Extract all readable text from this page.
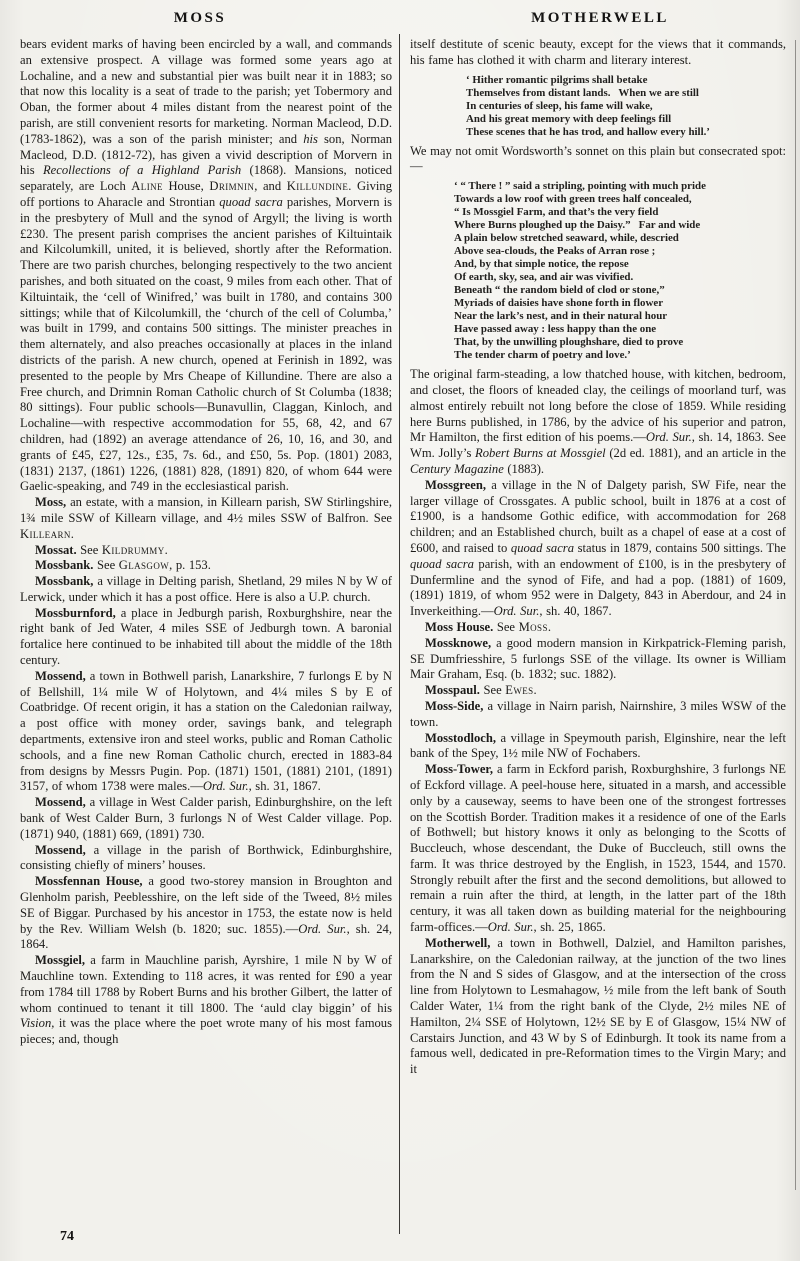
MOSS	MOTHERWELL

bears evident marks of having been encircled by a wall, and commands an extensive prospect. A village was formed some years ago at Lochaline, and a new and substantial pier was built near it in 1883; so that now this locality is a seat of trade to the parish; yet Tobermory and Oban, the former about 4 miles distant from the nearest point of the parish, are still convenient resorts for marketing. Norman Macleod, D.D. (1783-1862), was a son of the parish minister; and his son, Norman Macleod, D.D. (1812-72), has given a vivid description of Morvern in his Recollections of a Highland Parish (1868). Mansions, noticed separately, are Loch Aline House, Drimnin, and Killundine. Giving off portions to Aharacle and Strontian quoad sacra parishes, Morvern is in the presbytery of Mull and the synod of Argyll; the living is worth £230. The present parish comprises the ancient parishes of Kiltuintaik and Kilcolumkill, united, it is believed, shortly after the Reformation. There are two parish churches, belonging respectively to the two ancient parishes, and both situated on the coast, 9 miles from each other. That of Kiltuintaik, the ‘cell of Winifred,’ was built in 1780, and contains 300 sittings; while that of Kilcolumkill, the ‘church of the cell of Columba,’ was built in 1799, and contains 500 sittings. The minister preaches in them alternately, and also preaches occasionally at places in the inland districts of the parish. A new church, opened at Ferinish in 1892, was presented to the people by Mrs Cheape of Killundine. There are also a Free church, and Drimnin Roman Catholic church of St Columba (1838; 80 sittings). Four public schools—Bunavullin, Claggan, Kinloch, and Lochaline—with respective accommodation for 55, 68, 42, and 67 children, had (1892) an average attendance of 26, 10, 16, and 30, and grants of £45, £27, 12s., £35, 7s. 6d., and £50, 5s. Pop. (1801) 2083, (1831) 2137, (1861) 1226, (1881) 828, (1891) 820, of whom 644 were Gaelic-speaking, and 749 in the ecclesiastical parish.

Moss, an estate, with a mansion, in Killearn parish, SW Stirlingshire, 1¾ mile SSW of Killearn village, and 4½ miles SSW of Balfron. See Killearn.

Mossat. See Kildrummy.

Mossbank. See Glasgow, p. 153.

Mossbank, a village in Delting parish, Shetland, 29 miles N by W of Lerwick, under which it has a post office. Here is also a U.P. church.

Mossburnford, a place in Jedburgh parish, Roxburghshire, near the right bank of Jed Water, 4 miles SSE of Jedburgh town. A baronial fortalice here continued to be inhabited till about the middle of the 18th century.

Mossend, a town in Bothwell parish, Lanarkshire, 7 furlongs E by N of Bellshill, 1¼ mile W of Holytown, and 4¼ miles S by E of Coatbridge. Of recent origin, it has a station on the Caledonian railway, a post office with money order, savings bank, and telegraph departments, extensive iron and steel works, public and Roman Catholic schools, and a fine new Roman Catholic church, erected in 1883-84 from designs by Messrs Pugin. Pop. (1871) 1501, (1881) 2101, (1891) 3157, of whom 1738 were males.—Ord. Sur., sh. 31, 1867.

Mossend, a village in West Calder parish, Edinburghshire, on the left bank of West Calder Burn, 3 furlongs N of West Calder village. Pop. (1871) 940, (1881) 669, (1891) 730.

Mossend, a village in the parish of Borthwick, Edinburghshire, consisting chiefly of miners’ houses.

Mossfennan House, a good two-storey mansion in Broughton and Glenholm parish, Peeblesshire, on the left side of the Tweed, 8½ miles SE of Biggar. Purchased by his ancestor in 1753, the estate now is held by the Rev. William Welsh (b. 1820; suc. 1855).—Ord. Sur., sh. 24, 1864.

Mossgiel, a farm in Mauchline parish, Ayrshire, 1 mile N by W of Mauchline town. Extending to 118 acres, it was rented for £90 a year from 1784 till 1788 by Robert Burns and his brother Gilbert, the latter of whom continued to tenant it till 1800. The ‘auld clay biggin’ of his Vision, it was the place where the poet wrote many of his most famous pieces; and, though

itself destitute of scenic beauty, except for the views that it commands, his fame has clothed it with charm and literary interest.

‘ Hither romantic pilgrims shall betake
Themselves from distant lands.   When we are still
In centuries of sleep, his fame will wake,
And his great memory with deep feelings fill
These scenes that he has trod, and hallow every hill.’

We may not omit Wordsworth’s sonnet on this plain but consecrated spot:—

‘ “ There ! ” said a stripling, pointing with much pride
Towards a low roof with green trees half concealed,
“ Is Mossgiel Farm, and that’s the very field
Where Burns ploughed up the Daisy.”   Far and wide
A plain below stretched seaward, while, descried
Above sea-clouds, the Peaks of Arran rose ;
And, by that simple notice, the repose
Of earth, sky, sea, and air was vivified.
Beneath “ the random bield of clod or stone,”
Myriads of daisies have shone forth in flower
Near the lark’s nest, and in their natural hour
Have passed away : less happy than the one
That, by the unwilling ploughshare, died to prove
The tender charm of poetry and love.’

The original farm-steading, a low thatched house, with kitchen, bedroom, and closet, the floors of kneaded clay, the ceilings of moorland turf, was almost entirely rebuilt not long before the close of 1859. While residing here Burns published, in 1786, by the advice of his superior and patron, Mr Hamilton, the first edition of his poems.—Ord. Sur., sh. 14, 1863. See Wm. Jolly’s Robert Burns at Mossgiel (2d ed. 1881), and an article in the Century Magazine (1883).

Mossgreen, a village in the N of Dalgety parish, SW Fife, near the larger village of Crossgates. A public school, built in 1876 at a cost of £1900, is a handsome Gothic edifice, with accommodation for 268 children; and an Established church, built as a chapel of ease at a cost of £600, and raised to quoad sacra status in 1879, contains 500 sittings. The quoad sacra parish, with an endowment of £100, is in the presbytery of Dunfermline and the synod of Fife, and had a pop. (1881) of 1609, (1891) 1819, of whom 952 were in Dalgety, 843 in Aberdour, and 24 in Inverkeithing.—Ord. Sur., sh. 40, 1867.

Moss House. See Moss.

Mossknowe, a good modern mansion in Kirkpatrick-Fleming parish, SE Dumfriesshire, 5 furlongs SSE of the village. Its owner is William Mair Graham, Esq. (b. 1832; suc. 1882).

Mosspaul. See Ewes.

Moss-Side, a village in Nairn parish, Nairnshire, 3 miles WSW of the town.

Mosstodloch, a village in Speymouth parish, Elginshire, near the left bank of the Spey, 1½ mile NW of Fochabers.

Moss-Tower, a farm in Eckford parish, Roxburghshire, 3 furlongs NE of Eckford village. A peel-house here, situated in a marsh, and accessible only by a causeway, seems to have been one of the strongest fortresses on the Scottish Border. Tradition makes it a residence of one of the Earls of Bothwell; but history knows it only as belonging to the Scotts of Buccleuch, whose descendant, the Duke of Buccleuch, still owns the farm. It was thrice destroyed by the English, in 1523, 1544, and 1570. Strongly rebuilt after the first and the second demolitions, but allowed to remain a ruin after the third, at length, in the latter part of the 18th century, it was all taken down as building material for the neighbouring farm-offices.—Ord. Sur., sh. 25, 1865.

Motherwell, a town in Bothwell, Dalziel, and Hamilton parishes, Lanarkshire, on the Caledonian railway, at the junction of the two lines from the N and S sides of Glasgow, and at the intersection of the cross line from Holytown to Lesmahagow, ½ mile from the left bank of South Calder Water, 1¼ from the right bank of the Clyde, 2½ miles NE of Hamilton, 2¼ SSE of Holytown, 12½ SE by E of Glasgow, 15¼ NW of Carstairs Junction, and 43 W by S of Edinburgh. It took its name from a famous well, dedicated in pre-Reformation times to the Virgin Mary; and it

74
